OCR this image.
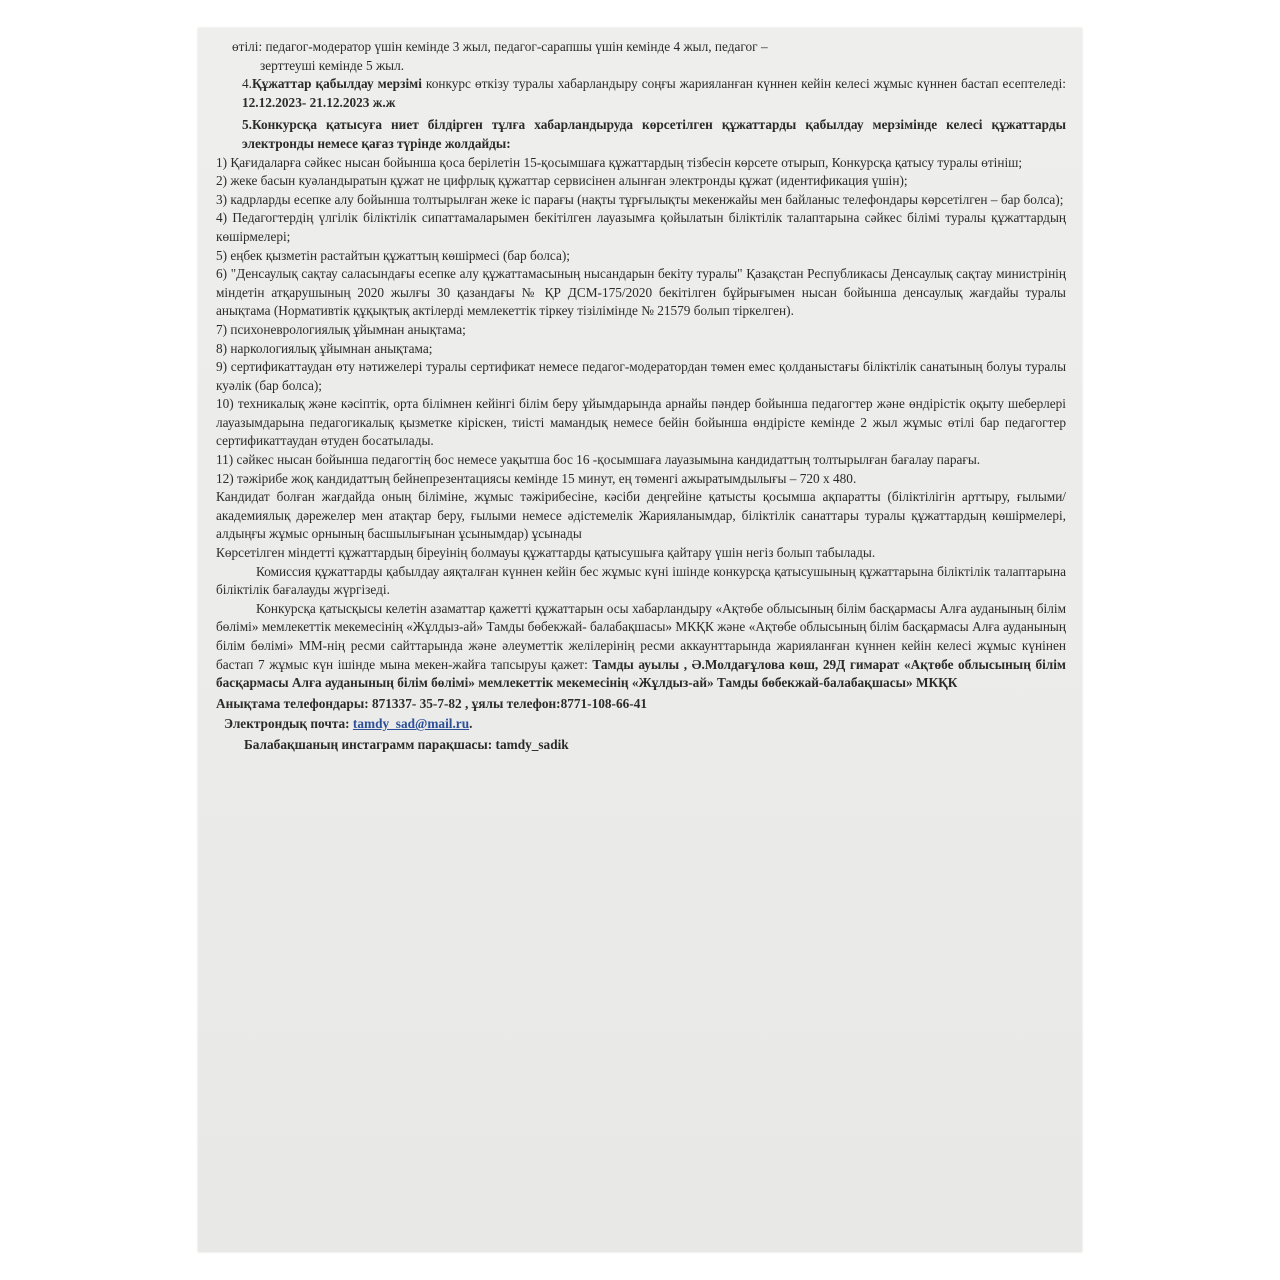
өтілі: педагог-модератор үшін кемінде 3 жыл, педагог-сарапшы үшін кемінде 4 жыл, педагог –

зерттеуші кемінде 5 жыл.

4.Құжаттар қабылдау мерзімі конкурс өткізу туралы хабарландыру соңғы жарияланған күннен кейін келесі жұмыс күннен бастап есептеледі: 12.12.2023- 21.12.2023 ж.ж

5.Конкурсқа қатысуға ниет білдірген тұлға хабарландыруда көрсетілген құжаттарды қабылдау мерзімінде келесі құжаттарды электронды немесе қағаз түрінде жолдайды:

1) Қағидаларға сәйкес нысан бойынша қоса берілетін 15-қосымшаға құжаттардың тізбесін көрсете отырып, Конкурсқа қатысу туралы өтініш;

2) жеке басын куәландыратын құжат не цифрлық құжаттар сервисінен алынған электронды құжат (идентификация үшін);

3) кадрларды есепке алу бойынша толтырылған жеке іс парағы (нақты тұрғылықты мекенжайы мен байланыс телефондары көрсетілген – бар болса);

4) Педагогтердің үлгілік біліктілік сипаттамаларымен бекітілген лауазымға қойылатын біліктілік талаптарына сәйкес білімі туралы құжаттардың көшірмелері;

5) еңбек қызметін растайтын құжаттың көшірмесі (бар болса);

6) "Денсаулық сақтау саласындағы есепке алу құжаттамасының нысандарын бекіту туралы" Қазақстан Республикасы Денсаулық сақтау министрінің міндетін атқарушының 2020 жылғы 30 қазандағы № ҚР ДСМ-175/2020 бекітілген бұйрығымен нысан бойынша денсаулық жағдайы туралы анықтама (Нормативтік құқықтық актілерді мемлекеттік тіркеу тізілімінде № 21579 болып тіркелген).

7) психоневрологиялық ұйымнан анықтама;

8) наркологиялық ұйымнан анықтама;

9) сертификаттаудан өту нәтижелері туралы сертификат немесе педагог-модератордан төмен емес қолданыстағы біліктілік санатының болуы туралы куәлік (бар болса);

10) техникалық және кәсіптік, орта білімнен кейінгі білім беру ұйымдарында арнайы пәндер бойынша педагогтер және өндірістік оқыту шеберлері лауазымдарына педагогикалық қызметке кіріскен, тиісті мамандық немесе бейін бойынша өндірісте кемінде 2 жыл жұмыс өтілі бар педагогтер сертификаттаудан өтуден босатылады.

11) сәйкес нысан бойынша педагогтің бос немесе уақытша бос 16 -қосымшаға лауазымына кандидаттың толтырылған бағалау парағы.

12) тәжірибе жоқ кандидаттың бейнепрезентациясы кемінде 15 минут, ең төменгі ажыратымдылығы – 720 x 480.

Кандидат болған жағдайда оның біліміне, жұмыс тәжірибесіне, кәсіби деңгейіне қатысты қосымша ақпаратты (біліктілігін арттыру, ғылыми/академиялық дәрежелер мен атақтар беру, ғылыми немесе әдістемелік Жарияланымдар, біліктілік санаттары туралы құжаттардың көшірмелері, алдыңғы жұмыс орнының басшылығынан ұсынымдар) ұсынады

Көрсетілген міндетті құжаттардың біреуінің болмауы құжаттарды қатысушыға қайтару үшін негіз болып табылады.

Комиссия құжаттарды қабылдау аяқталған күннен кейін бес жұмыс күні ішінде конкурсқа қатысушының құжаттарына біліктілік талаптарына біліктілік бағалауды жүргізеді.

Конкурсқа қатысқысы келетін азаматтар қажетті құжаттарын осы хабарландыру «Ақтөбе облысының білім басқармасы Алға ауданының білім бөлімі» мемлекеттік мекемесінің «Жұлдыз-ай» Тамды бөбекжай- балабақшасы» МКҚК және «Ақтөбе облысының білім басқармасы Алға ауданының білім бөлімі» ММ-нің ресми сайттарында және әлеуметтік желілерінің ресми аккаунттарында жарияланған күннен кейін келесі жұмыс күнінен бастап 7 жұмыс күн ішінде мына мекен-жайға тапсыруы қажет: Тамды ауылы , Ә.Молдағұлова көш, 29Д гимарат «Ақтөбе облысының білім басқармасы Алға ауданының білім бөлімі» мемлекеттік мекемесінің «Жұлдыз-ай» Тамды бөбекжай-балабақшасы» МКҚК

Анықтама телефондары: 871337- 35-7-82 , ұялы телефон:8771-108-66-41

Электрондық почта: tamdy_sad@mail.ru.

Балабақшаның инстаграмм парақшасы: tamdy_sadik
